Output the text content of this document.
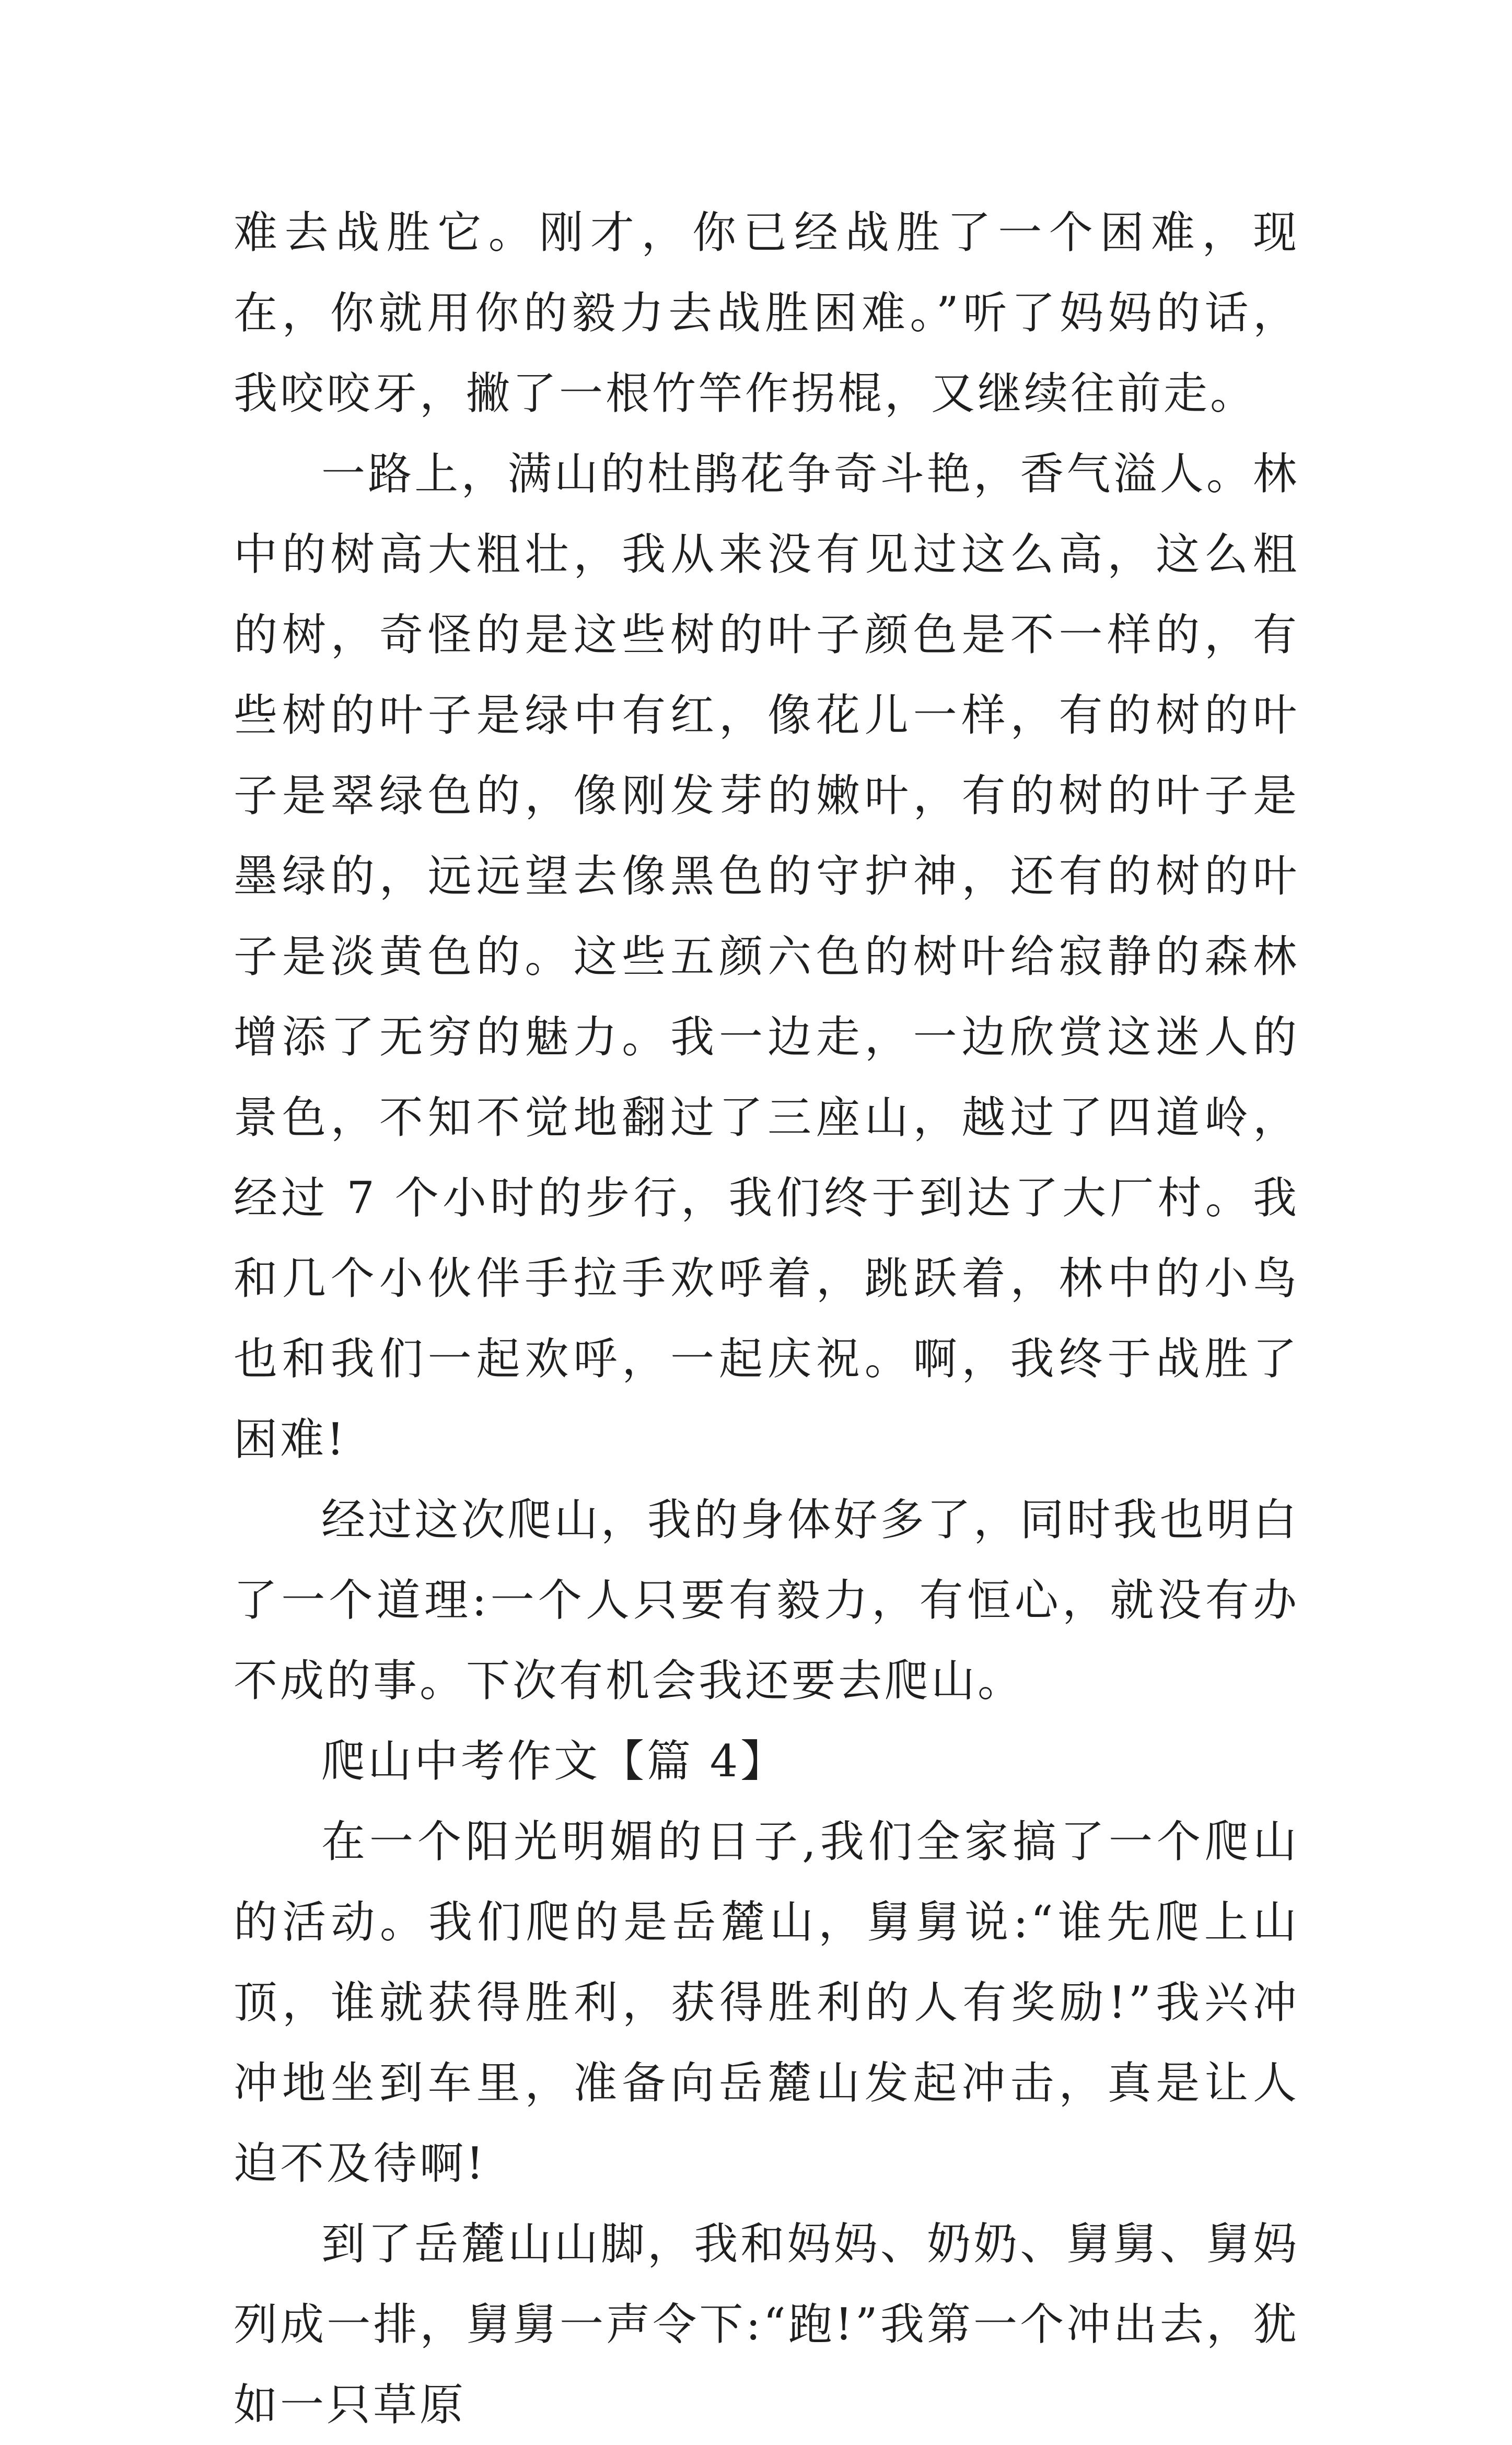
难去战胜它。刚才，你已经战胜了一个困难，现在，你就用你的毅力去战胜困难。”听了妈妈的话，我咬咬牙，撇了一根竹竿作拐棍，又继续往前走。

一路上，满山的杜鹃花争奇斗艳，香气溢人。林中的树高大粗壮，我从来没有见过这么高，这么粗的树，奇怪的是这些树的叶子颜色是不一样的，有些树的叶子是绿中有红，像花儿一样，有的树的叶子是翠绿色的，像刚发芽的嫩叶，有的树的叶子是墨绿的，远远望去像黑色的守护神，还有的树的叶子是淡黄色的。这些五颜六色的树叶给寂静的森林增添了无穷的魅力。我一边走，一边欣赏这迷人的景色，不知不觉地翻过了三座山，越过了四道岭，经过 7 个小时的步行，我们终于到达了大厂村。我和几个小伙伴手拉手欢呼着，跳跃着，林中的小鸟也和我们一起欢呼，一起庆祝。啊，我终于战胜了困难!

经过这次爬山，我的身体好多了，同时我也明白了一个道理:一个人只要有毅力，有恒心，就没有办不成的事。下次有机会我还要去爬山。

爬山中考作文【篇 4】

在一个阳光明媚的日子,我们全家搞了一个爬山的活动。我们爬的是岳麓山，舅舅说:“谁先爬上山顶，谁就获得胜利，获得胜利的人有奖励!”我兴冲冲地坐到车里，准备向岳麓山发起冲击，真是让人迫不及待啊!

到了岳麓山山脚，我和妈妈、奶奶、舅舅、舅妈列成一排，舅舅一声令下:“跑!”我第一个冲出去，犹如一只草原
